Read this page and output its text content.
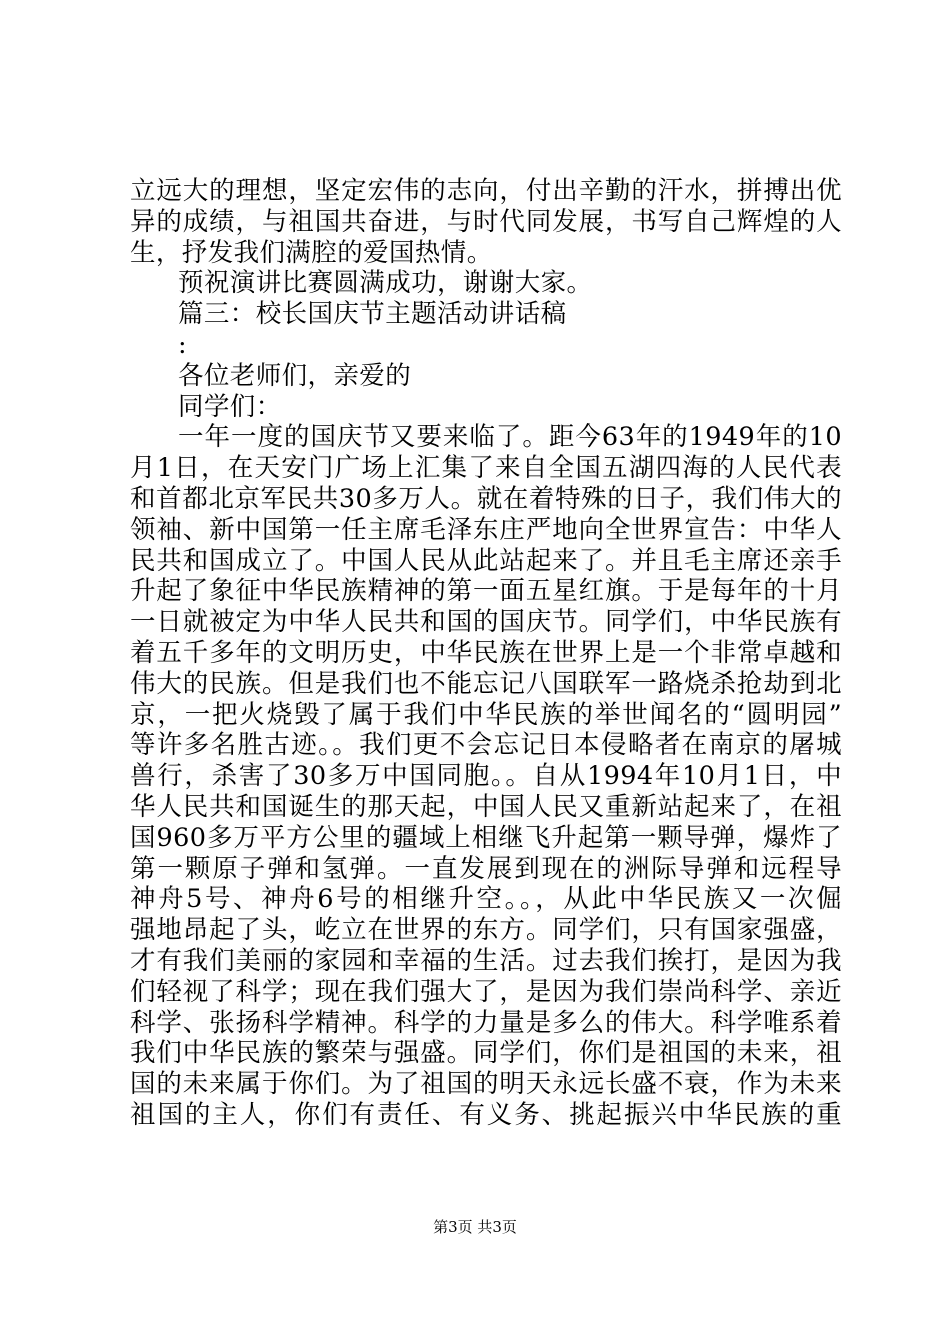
立远大的理想，坚定宏伟的志向，付出辛勤的汗水，拼搏出优
异的成绩，与祖国共奋进，与时代同发展，书写自己辉煌的人
生，抒发我们满腔的爱国热情。
预祝演讲比赛圆满成功，谢谢大家。
篇三：校长国庆节主题活动讲话稿
:
各位老师们，亲爱的
同学们：
一年一度的国庆节又要来临了。距今63年的1949年的10
月1日，在天安门广场上汇集了来自全国五湖四海的人民代表
和首都北京军民共30多万人。就在着特殊的日子，我们伟大的
领袖、新中国第一任主席毛泽东庄严地向全世界宣告：中华人
民共和国成立了。中国人民从此站起来了。并且毛主席还亲手
升起了象征中华民族精神的第一面五星红旗。于是每年的十月
一日就被定为中华人民共和国的国庆节。同学们，中华民族有
着五千多年的文明历史，中华民族在世界上是一个非常卓越和
伟大的民族。但是我们也不能忘记八国联军一路烧杀抢劫到北
京，一把火烧毁了属于我们中华民族的举世闻名的“圆明园”
等许多名胜古迹。。我们更不会忘记日本侵略者在南京的屠城
兽行，杀害了30多万中国同胞。。自从1994年10月1日，中
华人民共和国诞生的那天起，中国人民又重新站起来了，在祖
国960多万平方公里的疆域上相继飞升起第一颗导弹，爆炸了
第一颗原子弹和氢弹。一直发展到现在的洲际导弹和远程导
神舟5号、神舟6号的相继升空。。，从此中华民族又一次倔
强地昂起了头，屹立在世界的东方。同学们，只有国家强盛，
才有我们美丽的家园和幸福的生活。过去我们挨打，是因为我
们轻视了科学；现在我们强大了，是因为我们崇尚科学、亲近
科学、张扬科学精神。科学的力量是多么的伟大。科学唯系着
我们中华民族的繁荣与强盛。同学们，你们是祖国的未来，祖
国的未来属于你们。为了祖国的明天永远长盛不衰，作为未来
祖国的主人，你们有责任、有义务、挑起振兴中华民族的重
第3页 共3页
